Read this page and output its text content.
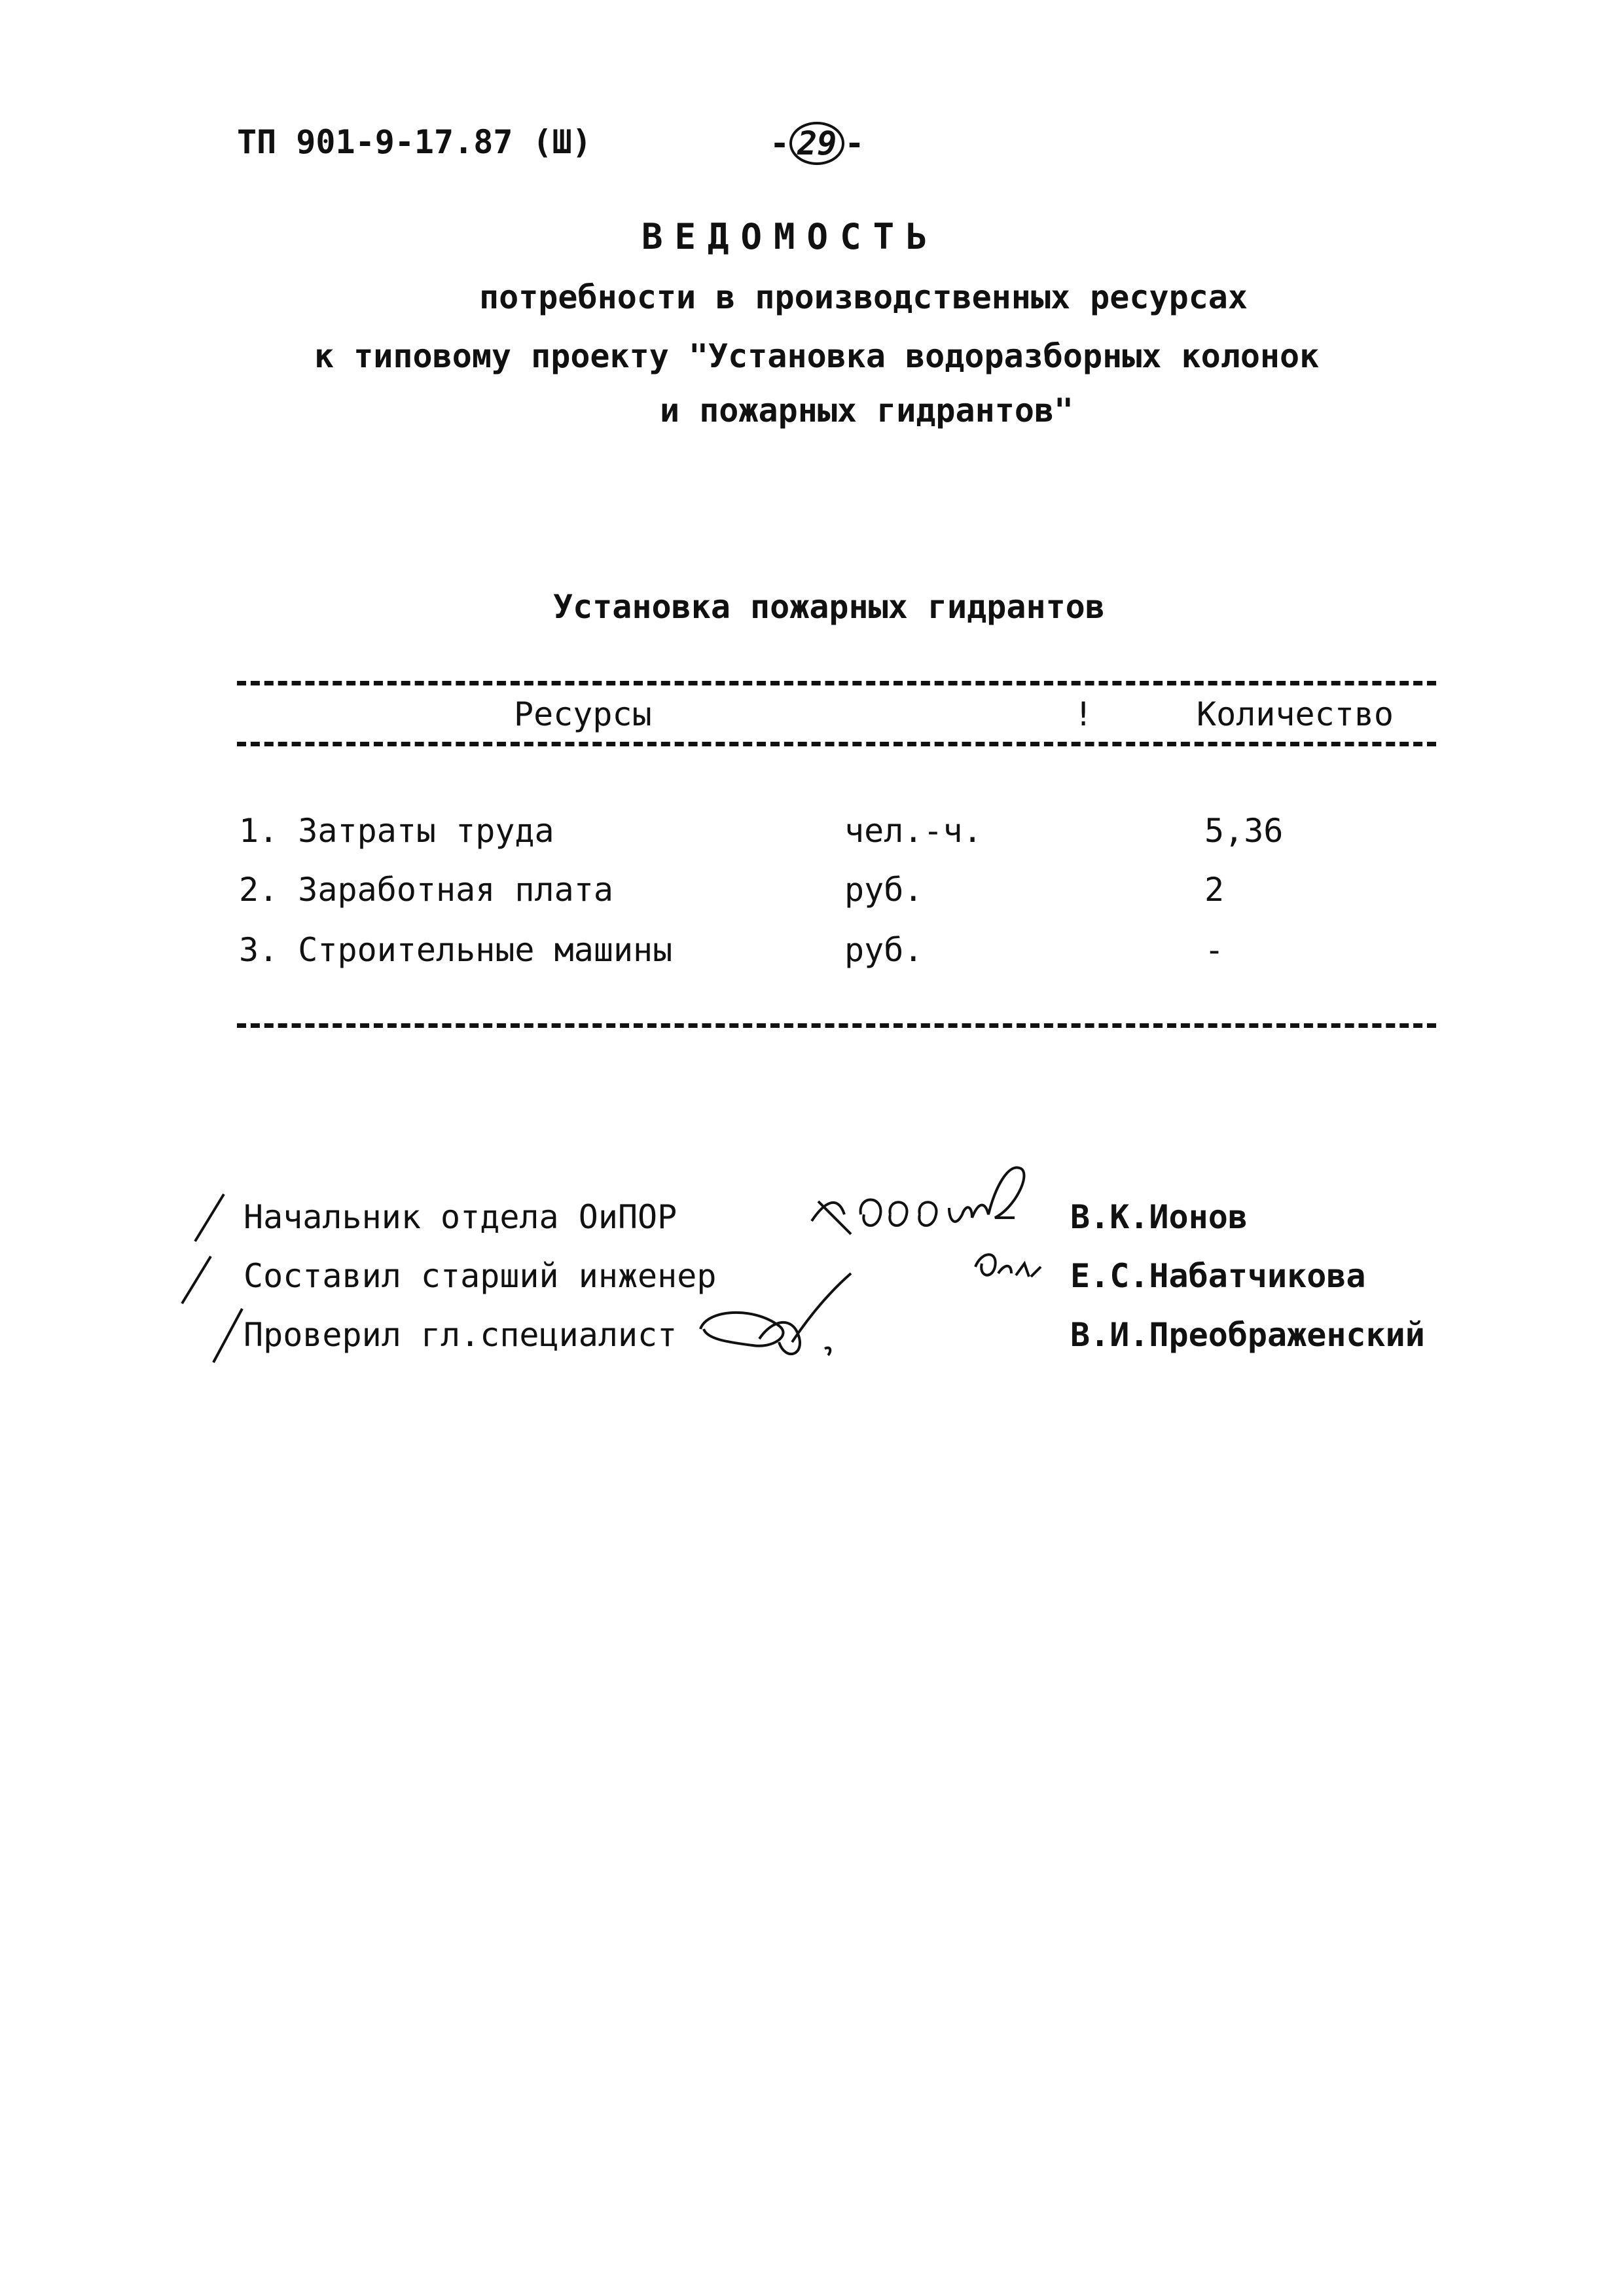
ТП 901-9-17.87 (Ш)	- 29 -
ВЕДОМОСТЬ
потребности в производственных ресурсах
к типовому проекту "Установка водоразборных колонок
и пожарных гидрантов"
Установка пожарных гидрантов
Ресурсы	!	Количество
1. Затраты труда	чел.-ч.	5,36
2. Заработная плата	руб.	2
3. Строительные машины	руб.	-
Начальник отдела ОиПОР
Составил старший инженер
Проверил гл.специалист
В.К.Ионов
Е.С.Набатчикова
В.И.Преображенский
